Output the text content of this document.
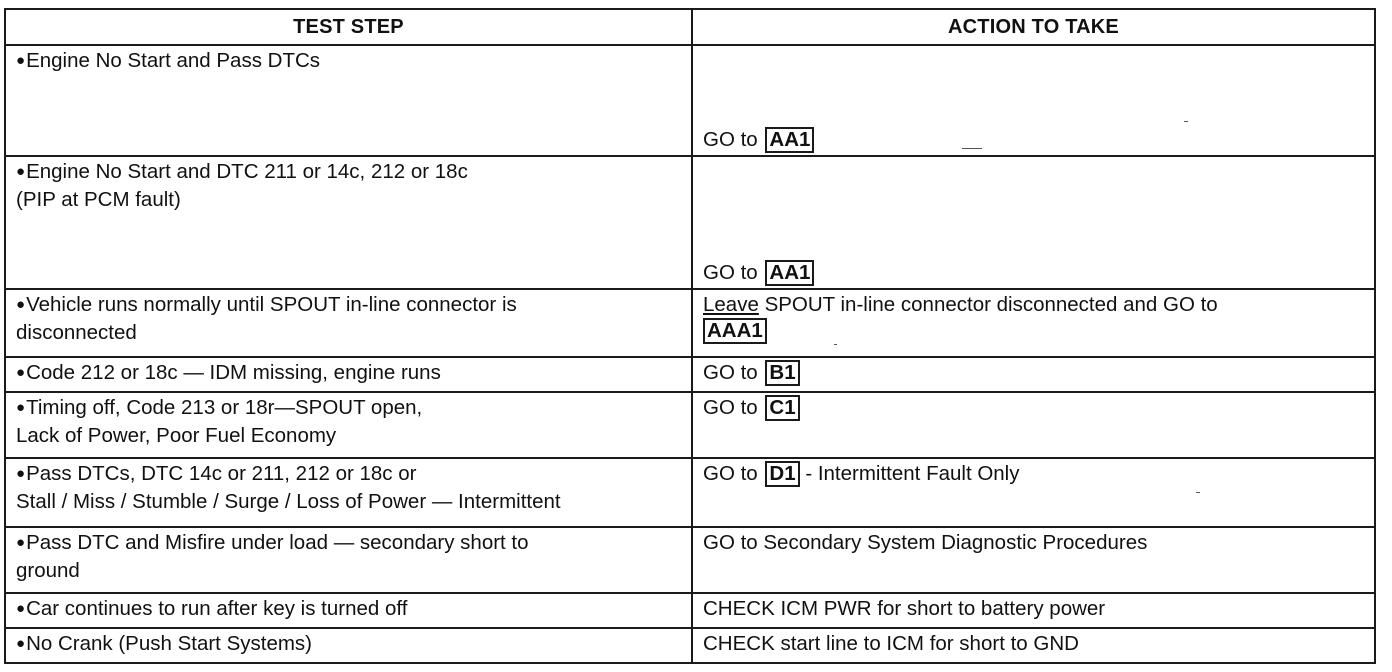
TEST STEP	ACTION TO TAKE

●Engine No Start and Pass DTCs	GO to AA1

●Engine No Start and DTC 211 or 14c, 212 or 18c
(PIP at PCM fault)	GO to AA1

●Vehicle runs normally until SPOUT in-line connector is
disconnected	Leave SPOUT in-line connector disconnected and GO to
AAA1

●Code 212 or 18c — IDM missing, engine runs	GO to B1

●Timing off, Code 213 or 18r—SPOUT open,
Lack of Power, Poor Fuel Economy	GO to C1

●Pass DTCs, DTC 14c or 211, 212 or 18c or
Stall / Miss / Stumble / Surge / Loss of Power — Intermittent	GO to D1 - Intermittent Fault Only

●Pass DTC and Misfire under load — secondary short to
ground	GO to Secondary System Diagnostic Procedures

●Car continues to run after key is turned off	CHECK ICM PWR for short to battery power

●No Crank (Push Start Systems)	CHECK start line to ICM for short to GND
